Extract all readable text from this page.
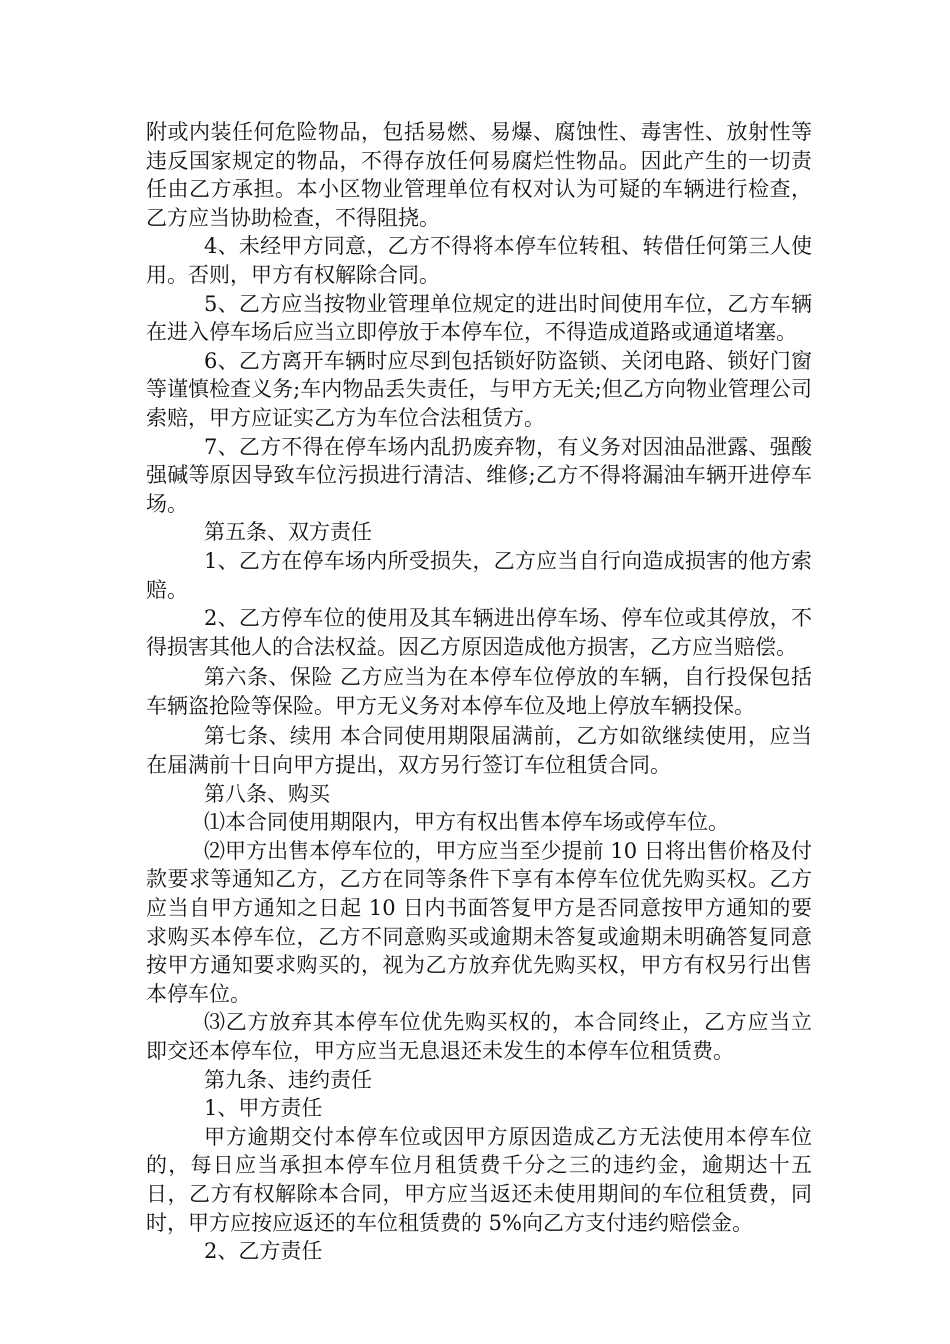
附或内装任何危险物品，包括易燃、易爆、腐蚀性、毒害性、放射性等违反国家规定的物品，不得存放任何易腐烂性物品。因此产生的一切责任由乙方承担。本小区物业管理单位有权对认为可疑的车辆进行检查，乙方应当协助检查，不得阻挠。

4、未经甲方同意，乙方不得将本停车位转租、转借任何第三人使用。否则，甲方有权解除合同。

5、乙方应当按物业管理单位规定的进出时间使用车位，乙方车辆在进入停车场后应当立即停放于本停车位，不得造成道路或通道堵塞。

6、乙方离开车辆时应尽到包括锁好防盗锁、关闭电路、锁好门窗等谨慎检查义务;车内物品丢失责任，与甲方无关;但乙方向物业管理公司索赔，甲方应证实乙方为车位合法租赁方。

7、乙方不得在停车场内乱扔废弃物，有义务对因油品泄露、强酸强碱等原因导致车位污损进行清洁、维修;乙方不得将漏油车辆开进停车场。

第五条、双方责任

1、乙方在停车场内所受损失，乙方应当自行向造成损害的他方索赔。

2、乙方停车位的使用及其车辆进出停车场、停车位或其停放，不得损害其他人的合法权益。因乙方原因造成他方损害，乙方应当赔偿。

第六条、保险 乙方应当为在本停车位停放的车辆，自行投保包括车辆盗抢险等保险。甲方无义务对本停车位及地上停放车辆投保。

第七条、续用 本合同使用期限届满前，乙方如欲继续使用，应当在届满前十日向甲方提出，双方另行签订车位租赁合同。

第八条、购买

⑴本合同使用期限内，甲方有权出售本停车场或停车位。

⑵甲方出售本停车位的，甲方应当至少提前 10 日将出售价格及付款要求等通知乙方，乙方在同等条件下享有本停车位优先购买权。乙方应当自甲方通知之日起 10 日内书面答复甲方是否同意按甲方通知的要求购买本停车位，乙方不同意购买或逾期未答复或逾期未明确答复同意按甲方通知要求购买的，视为乙方放弃优先购买权，甲方有权另行出售本停车位。

⑶乙方放弃其本停车位优先购买权的，本合同终止，乙方应当立即交还本停车位，甲方应当无息退还未发生的本停车位租赁费。

第九条、违约责任

1、甲方责任

甲方逾期交付本停车位或因甲方原因造成乙方无法使用本停车位的，每日应当承担本停车位月租赁费千分之三的违约金，逾期达十五日，乙方有权解除本合同，甲方应当返还未使用期间的车位租赁费，同时，甲方应按应返还的车位租赁费的 5%向乙方支付违约赔偿金。

2、乙方责任
